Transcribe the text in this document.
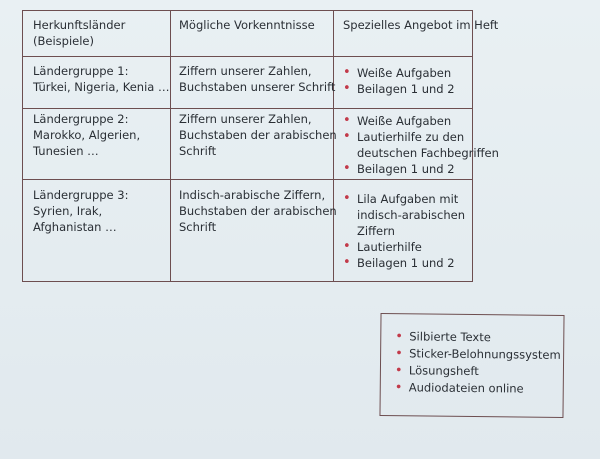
Herkunftsländer
(Beispiele)
Mögliche Vorkenntnisse Spezielles Angebot im Heft
Ländergruppe 1:
Türkei, Nigeria, Kenia …
Ziffern unserer Zahlen,
Buchstaben unserer Schrift
• Weiße Aufgaben
• Beilagen 1 und 2
Ländergruppe 2:
Marokko, Algerien,
Tunesien …
Ziffern unserer Zahlen,
Buchstaben der arabischen
Schrift
• Weiße Aufgaben
• Lautierhilfe zu den
deutschen Fachbegriffen
• Beilagen 1 und 2
Ländergruppe 3:
Syrien, Irak,
Afghanistan …
Indisch-arabische Ziffern,
Buchstaben der arabischen
Schrift
• Lila Aufgaben mit
indisch-arabischen
Ziffern
• Lautierhilfe
• Beilagen 1 und 2
• Silbierte Texte
• Sticker-Belohnungssystem
• Lösungsheft
• Audiodateien online
